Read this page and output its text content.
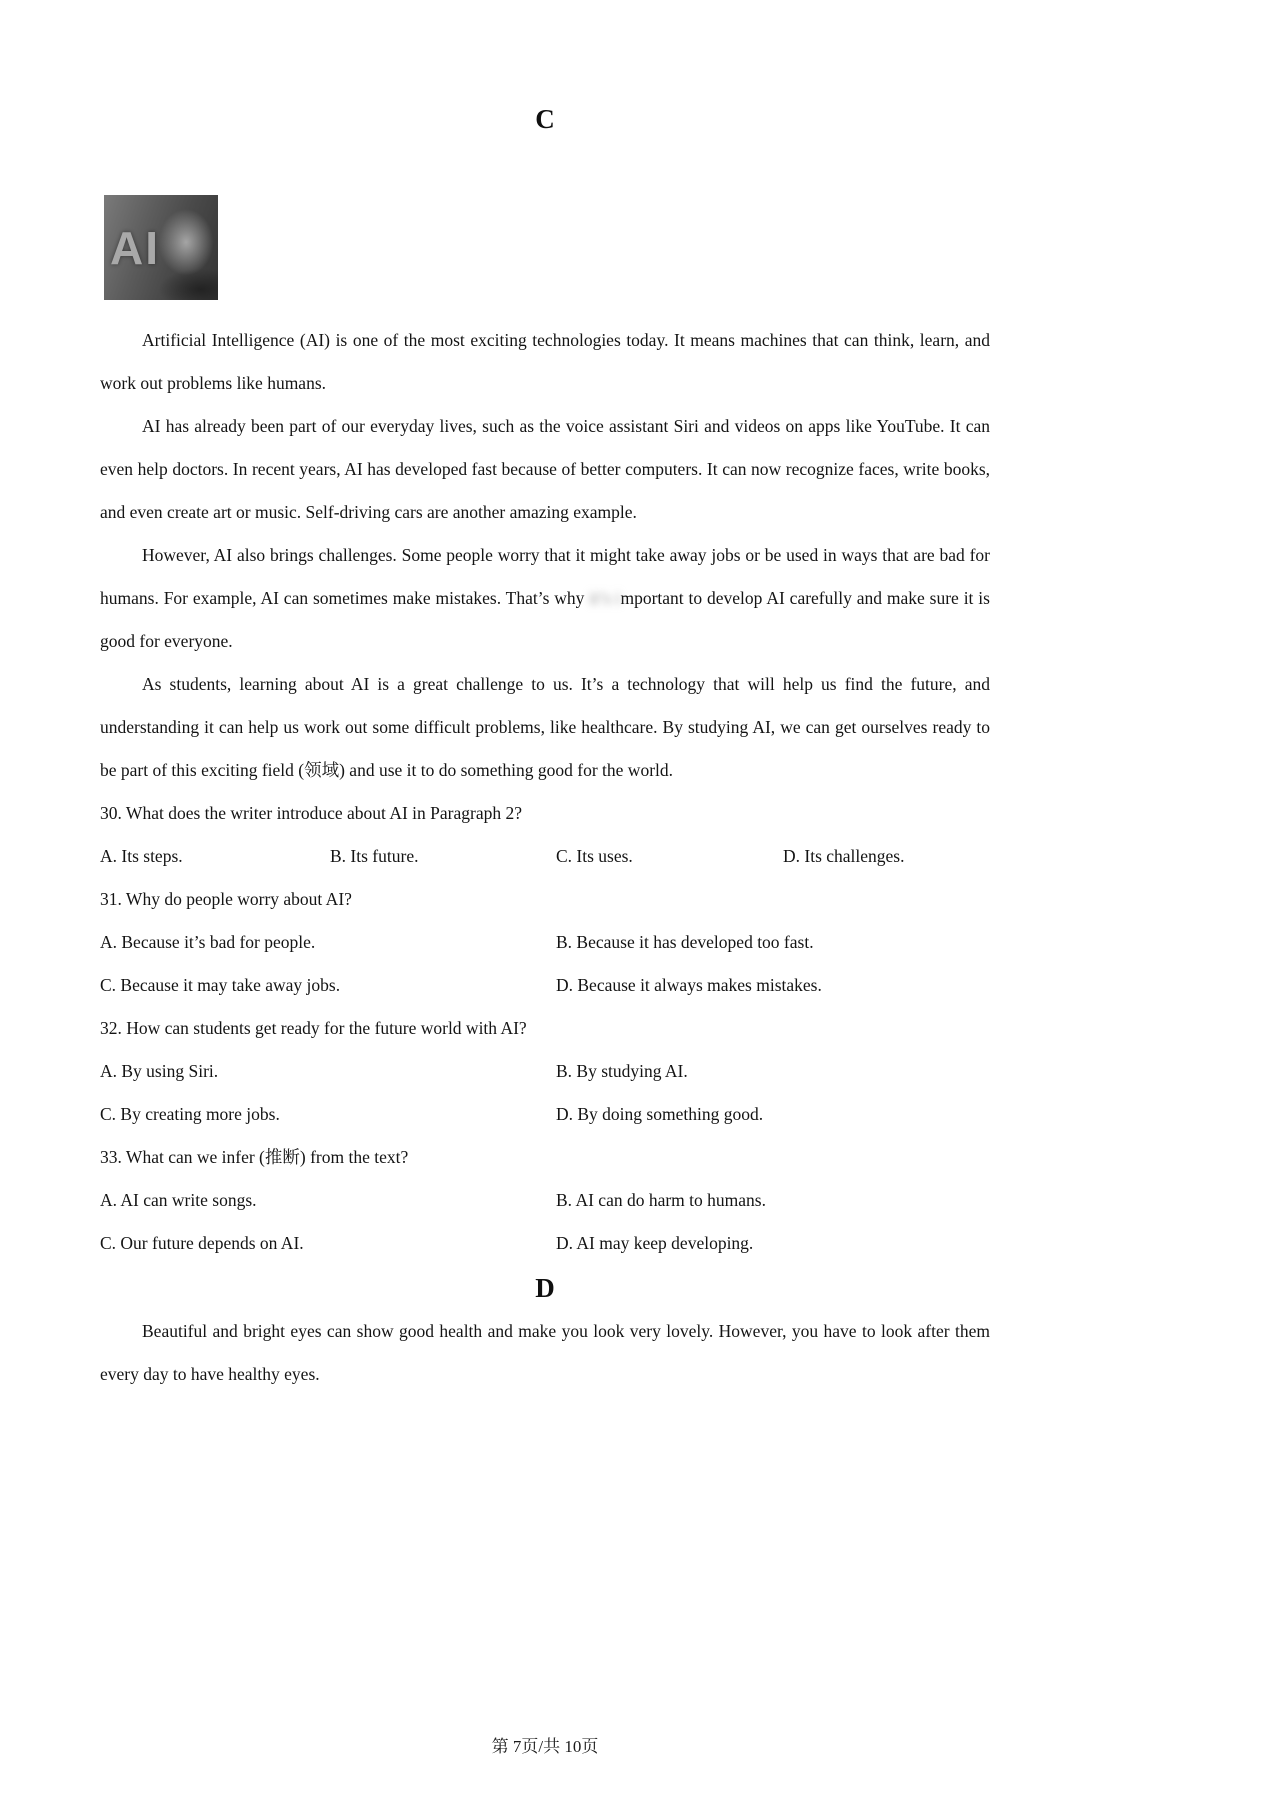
C
AI

Artificial Intelligence (AI) is one of the most exciting technologies today. It means machines that can think, learn, and work out problems like humans.

AI has already been part of our everyday lives, such as the voice assistant Siri and videos on apps like YouTube. It can even help doctors. In recent years, AI has developed fast because of better computers. It can now recognize faces, write books, and even create art or music. Self-driving cars are another amazing example.

However, AI also brings challenges. Some people worry that it might take away jobs or be used in ways that are bad for humans. For example, AI can sometimes make mistakes. That’s why it’s important to develop AI carefully and make sure it is good for everyone.

As students, learning about AI is a great challenge to us. It’s a technology that will help us find the future, and understanding it can help us work out some difficult problems, like healthcare. By studying AI, we can get ourselves ready to be part of this exciting field (领域) and use it to do something good for the world.

30. What does the writer introduce about AI in Paragraph 2?

A. Its steps.	B. Its future.	C. Its uses.	D. Its challenges.

31. Why do people worry about AI?

A. Because it’s bad for people.	B. Because it has developed too fast.
C. Because it may take away jobs.	D. Because it always makes mistakes.

32. How can students get ready for the future world with AI?

A. By using Siri.	B. By studying AI.
C. By creating more jobs.	D. By doing something good.

33. What can we infer (推断) from the text?

A. AI can write songs.	B. AI can do harm to humans.
C. Our future depends on AI.	D. AI may keep developing.
D

Beautiful and bright eyes can show good health and make you look very lovely. However, you have to look after them every day to have healthy eyes.

第 7页/共 10页
